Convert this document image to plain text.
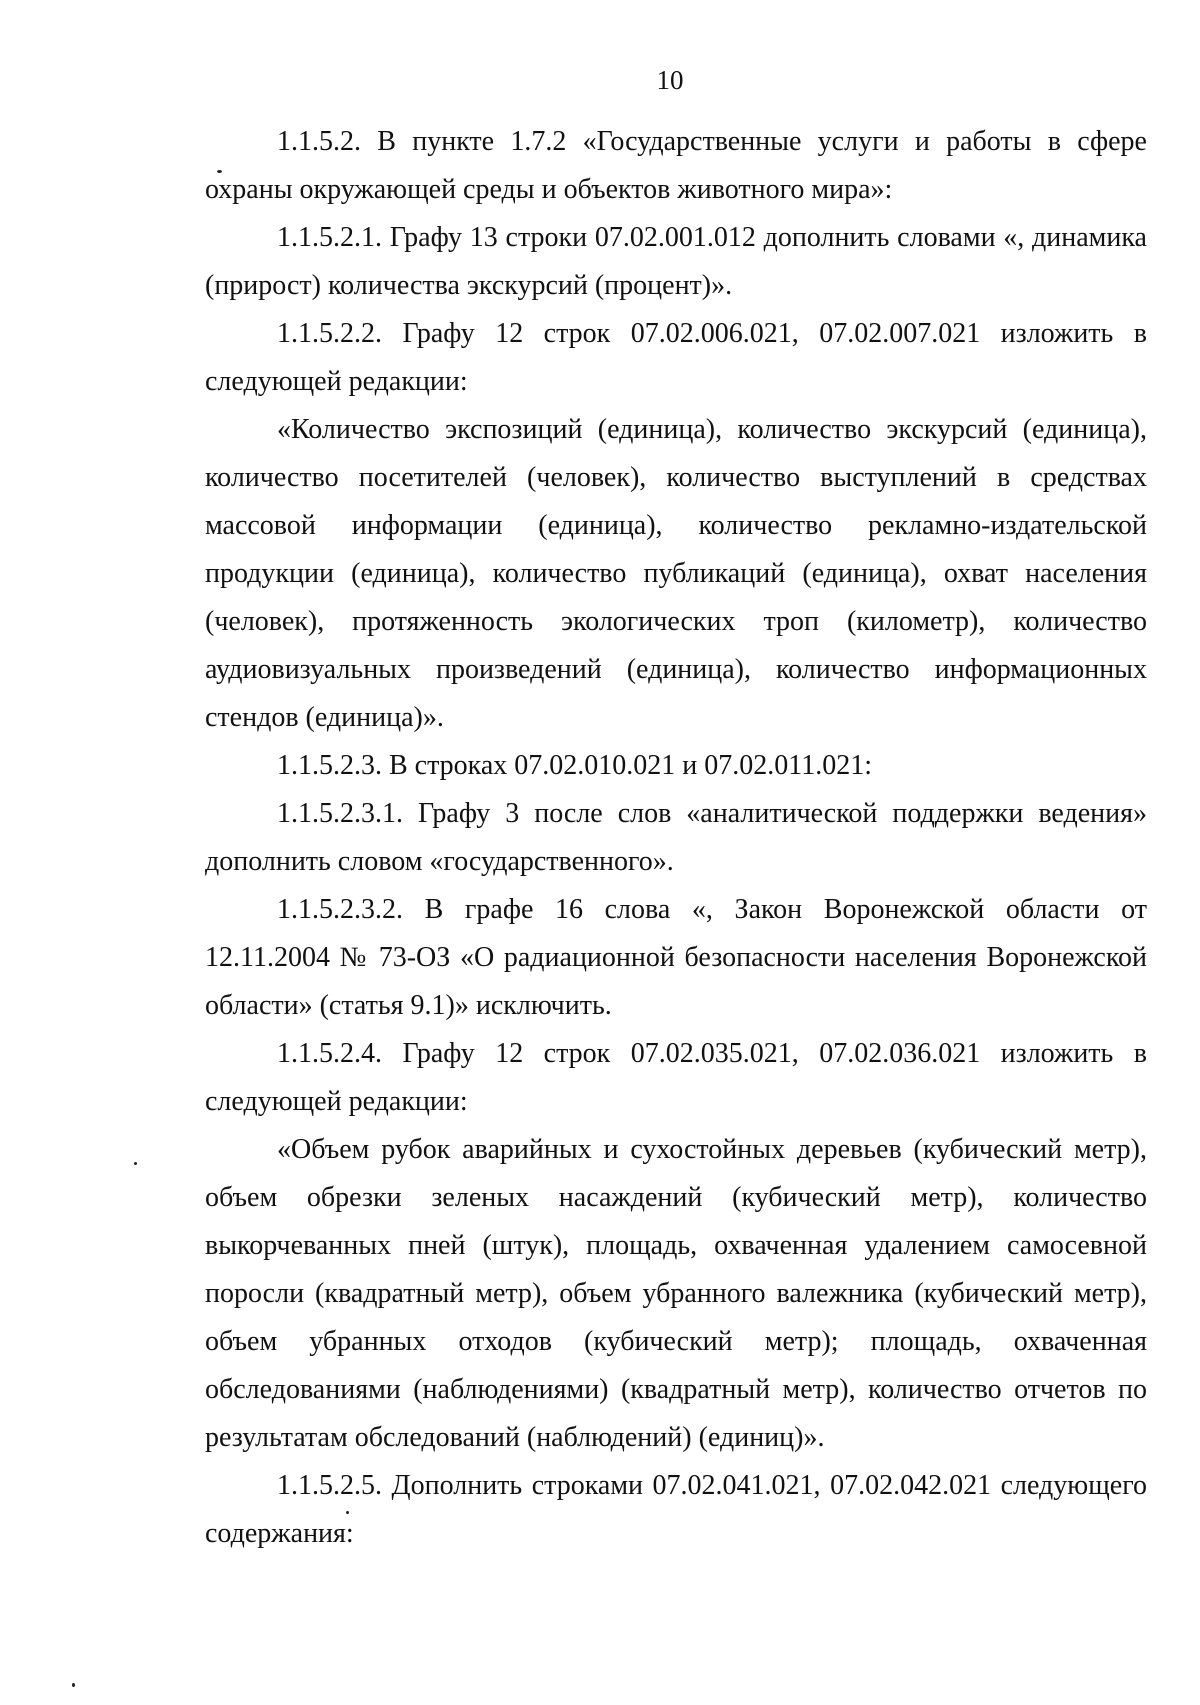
10

1.1.5.2. В пункте 1.7.2 «Государственные услуги и работы в сфере охраны окружающей среды и объектов животного мира»:

1.1.5.2.1. Графу 13 строки 07.02.001.012 дополнить словами «, динамика (прирост) количества экскурсий (процент)».

1.1.5.2.2. Графу 12 строк 07.02.006.021, 07.02.007.021 изложить в следующей редакции:

«Количество экспозиций (единица), количество экскурсий (единица), количество посетителей (человек), количество выступлений в средствах массовой информации (единица), количество рекламно-издательской продукции (единица), количество публикаций (единица), охват населения (человек), протяженность экологических троп (километр), количество аудиовизуальных произведений (единица), количество информационных стендов (единица)».

1.1.5.2.3. В строках 07.02.010.021 и 07.02.011.021:

1.1.5.2.3.1. Графу 3 после слов «аналитической поддержки ведения» дополнить словом «государственного».

1.1.5.2.3.2. В графе 16 слова «, Закон Воронежской области от 12.11.2004 № 73-ОЗ «О радиационной безопасности населения Воронежской области» (статья 9.1)» исключить.

1.1.5.2.4. Графу 12 строк 07.02.035.021, 07.02.036.021 изложить в следующей редакции:

«Объем рубок аварийных и сухостойных деревьев (кубический метр), объем обрезки зеленых насаждений (кубический метр), количество выкорчеванных пней (штук), площадь, охваченная удалением самосевной поросли (квадратный метр), объем убранного валежника (кубический метр), объем убранных отходов (кубический метр); площадь, охваченная обследованиями (наблюдениями) (квадратный метр), количество отчетов по результатам обследований (наблюдений) (единиц)».

1.1.5.2.5. Дополнить строками 07.02.041.021, 07.02.042.021 следующего содержания:
